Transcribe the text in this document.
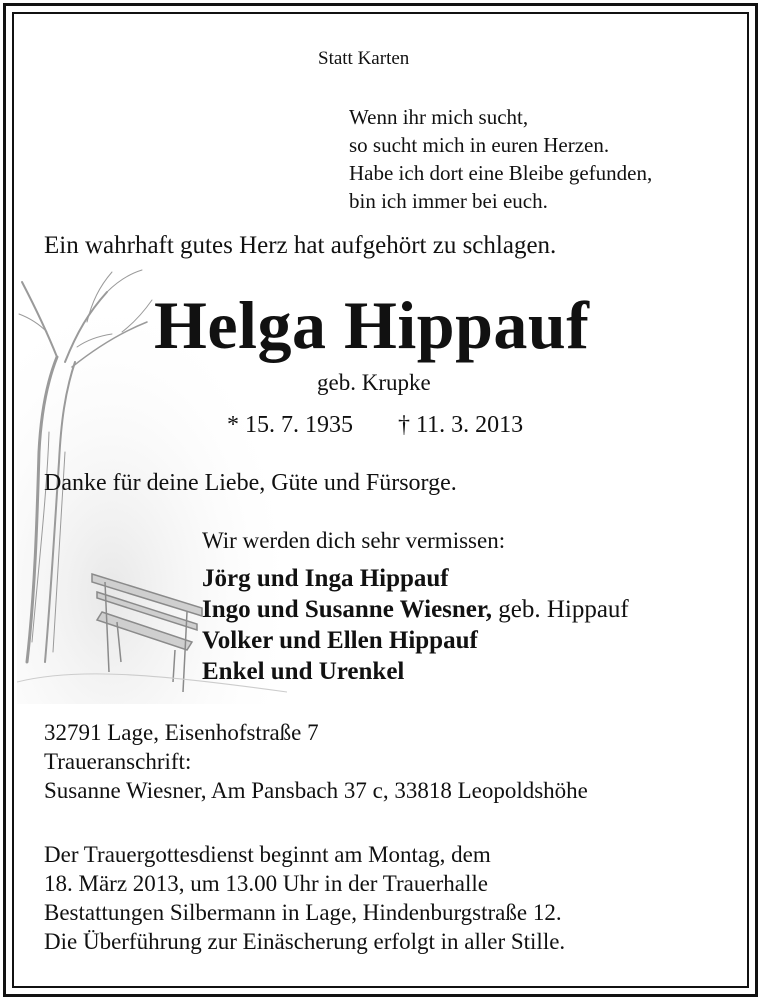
Statt Karten
Wenn ihr mich sucht,
so sucht mich in euren Herzen.
Habe ich dort eine Bleibe gefunden,
bin ich immer bei euch.
Ein wahrhaft gutes Herz hat aufgehört zu schlagen.
Helga Hippauf
geb. Krupke
* 15. 7. 1935 † 11. 3. 2013
Danke für deine Liebe, Güte und Fürsorge.
Wir werden dich sehr vermissen:
Jörg und Inga Hippauf
Ingo und Susanne Wiesner, geb. Hippauf
Volker und Ellen Hippauf
Enkel und Urenkel
32791 Lage, Eisenhofstraße 7
Traueranschrift:
Susanne Wiesner, Am Pansbach 37 c, 33818 Leopoldshöhe
Der Trauergottesdienst beginnt am Montag, dem
18. März 2013, um 13.00 Uhr in der Trauerhalle
Bestattungen Silbermann in Lage, Hindenburgstraße 12.
Die Überführung zur Einäscherung erfolgt in aller Stille.
